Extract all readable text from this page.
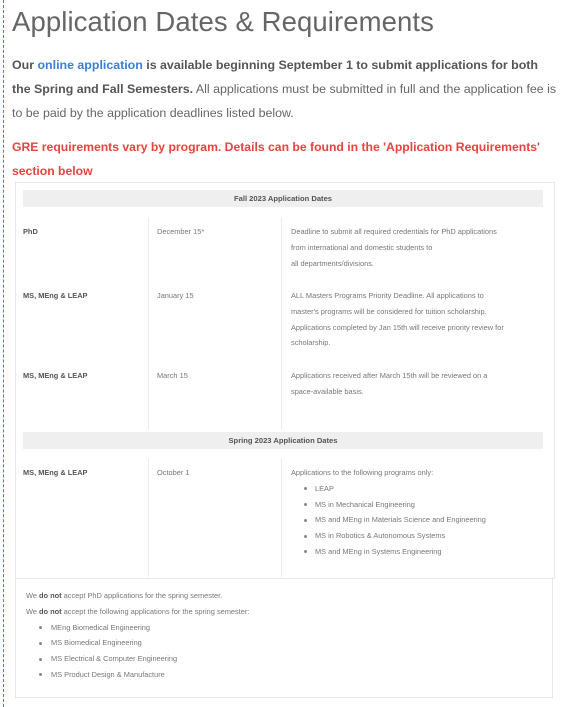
Application Dates & Requirements

Our online application is available beginning September 1 to submit applications for both the Spring and Fall Semesters. All applications must be submitted in full and the application fee is to be paid by the application deadlines listed below.

GRE requirements vary by program. Details can be found in the 'Application Requirements' section below

Fall 2023 Application Dates
PhD	December 15*	Deadline to submit all required credentials for PhD applications
from international and domestic students to
all departments/divisions.
MS, MEng & LEAP	January 15	ALL Masters Programs Priority Deadline. All applications to
master's programs will be considered for tuition scholarship.
Applications completed by Jan 15th will receive priority review for
scholarship.
MS, MEng & LEAP	March 15	Applications received after March 15th will be reviewed on a
space-available basis.
Spring 2023 Application Dates
MS, MEng & LEAP	October 1	Applications to the following programs only:
LEAP
MS in Mechanical Engineering
MS and MEng in Materials Science and Engineering
MS in Robotics & Autonomous Systems
MS and MEng in Systems Engineering
We do not accept PhD applications for the spring semester.
We do not accept the following applications for the spring semester:
MEng Biomedical Engineering
MS Biomedical Engineering
MS Electrical & Computer Engineering
MS Product Design & Manufacture
